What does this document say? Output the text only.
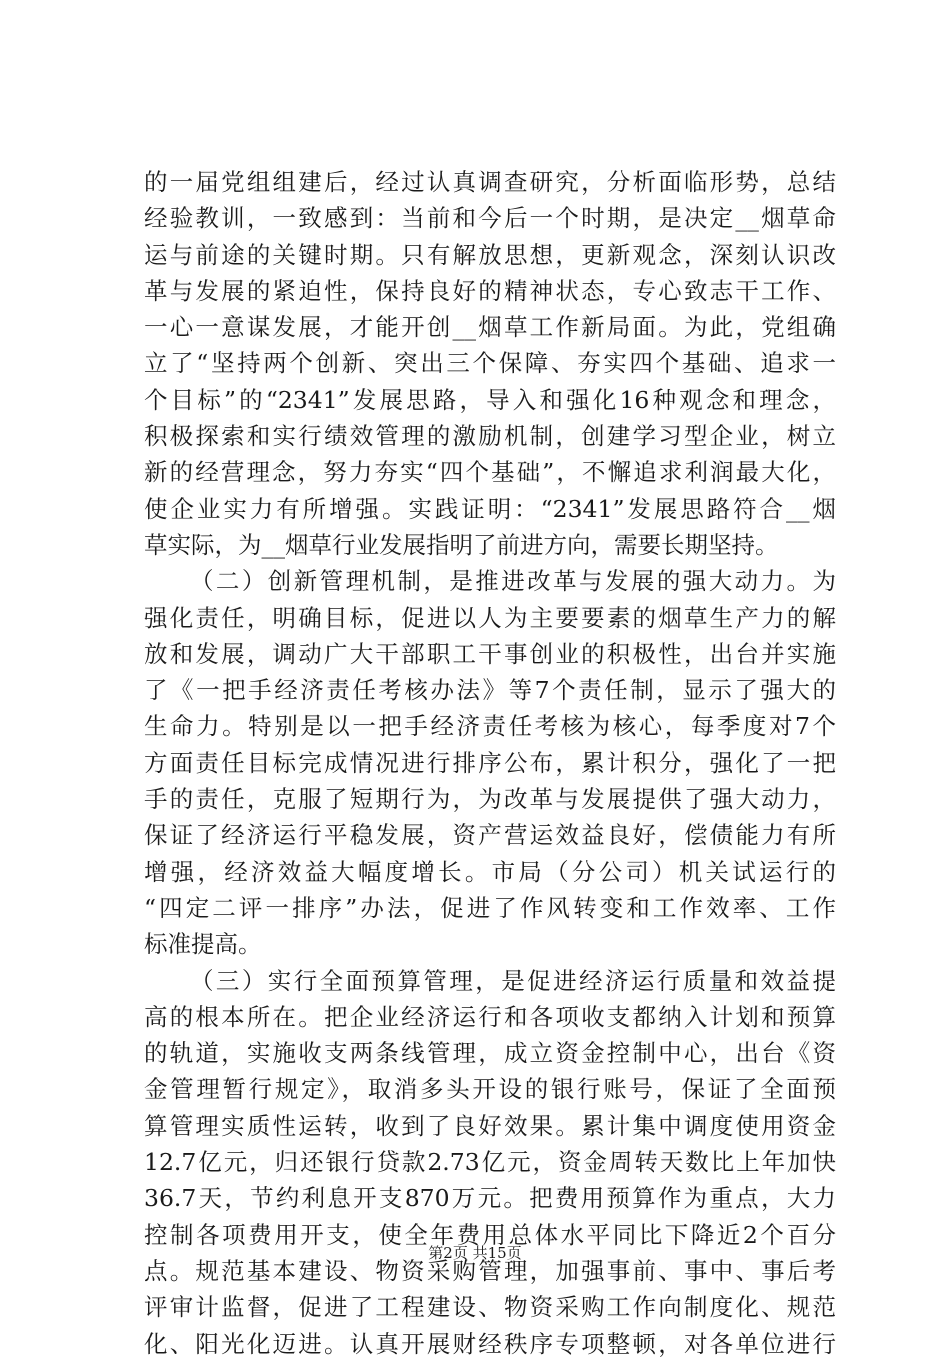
的一届党组组建后，经过认真调查研究，分析面临形势，总结
经验教训，一致感到：当前和今后一个时期，是决定__烟草命
运与前途的关键时期。只有解放思想，更新观念，深刻认识改
革与发展的紧迫性，保持良好的精神状态，专心致志干工作、
一心一意谋发展，才能开创__烟草工作新局面。为此，党组确
立了“坚持两个创新、突出三个保障、夯实四个基础、追求一
个目标”的“2341”发展思路，导入和强化16种观念和理念，
积极探索和实行绩效管理的激励机制，创建学习型企业，树立
新的经营理念，努力夯实“四个基础”，不懈追求利润最大化，
使企业实力有所增强。实践证明：“2341”发展思路符合__烟
草实际，为__烟草行业发展指明了前进方向，需要长期坚持。
（二）创新管理机制，是推进改革与发展的强大动力。为
强化责任，明确目标，促进以人为主要要素的烟草生产力的解
放和发展，调动广大干部职工干事创业的积极性，出台并实施
了《一把手经济责任考核办法》等7个责任制，显示了强大的
生命力。特别是以一把手经济责任考核为核心，每季度对7个
方面责任目标完成情况进行排序公布，累计积分，强化了一把
手的责任，克服了短期行为，为改革与发展提供了强大动力，
保证了经济运行平稳发展，资产营运效益良好，偿债能力有所
增强，经济效益大幅度增长。市局（分公司）机关试运行的
“四定二评一排序”办法，促进了作风转变和工作效率、工作
标准提高。
（三）实行全面预算管理，是促进经济运行质量和效益提
高的根本所在。把企业经济运行和各项收支都纳入计划和预算
的轨道，实施收支两条线管理，成立资金控制中心，出台《资
金管理暂行规定》，取消多头开设的银行账号，保证了全面预
算管理实质性运转，收到了良好效果。累计集中调度使用资金
12.7亿元，归还银行贷款2.73亿元，资金周转天数比上年加快
36.7天，节约利息开支870万元。把费用预算作为重点，大力
控制各项费用开支，使全年费用总体水平同比下降近2个百分
点。规范基本建设、物资采购管理，加强事前、事中、事后考
评审计监督，促进了工程建设、物资采购工作向制度化、规范
化、阳光化迈进。认真开展财经秩序专项整顿，对各单位进行
第2页 共15页
